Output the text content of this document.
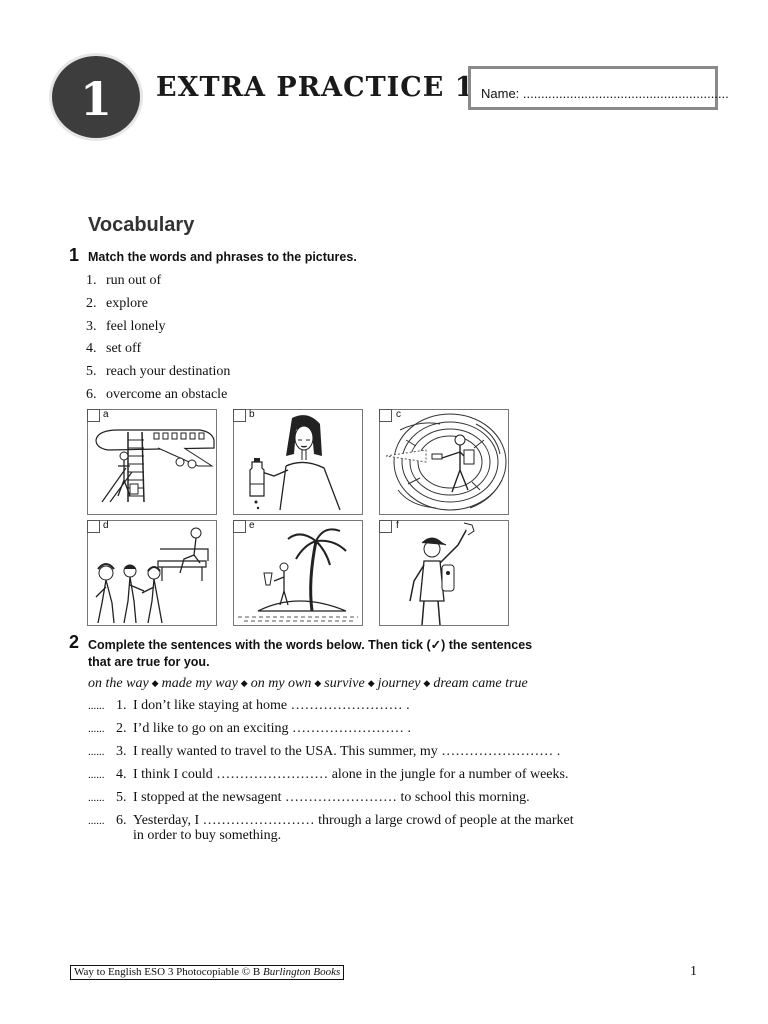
1	EXTRA PRACTICE 1 Name: .........................................................
Vocabulary
1 Match the words and phrases to the pictures.
1. run out of
2. explore
3. feel lonely
4. set off
5. reach your destination
6. overcome an obstacle
a	b	c
d	e	f
2 Complete the sentences with the words below. Then tick (✓) the sentences
that are true for you.
on the way ◆ made my way ◆ on my own ◆ survive ◆ journey ◆ dream came true
...... 1. I don’t like staying at home …………………… .
...... 2. I’d like to go on an exciting …………………… .
...... 3. I really wanted to travel to the USA. This summer, my …………………… .
...... 4. I think I could …………………… alone in the jungle for a number of weeks.
...... 5. I stopped at the newsagent …………………… to school this morning.
...... 6. Yesterday, I …………………… through a large crowd of people at the market
in order to buy something.
Way to English ESO 3 Photocopiable © B Burlington Books	1
